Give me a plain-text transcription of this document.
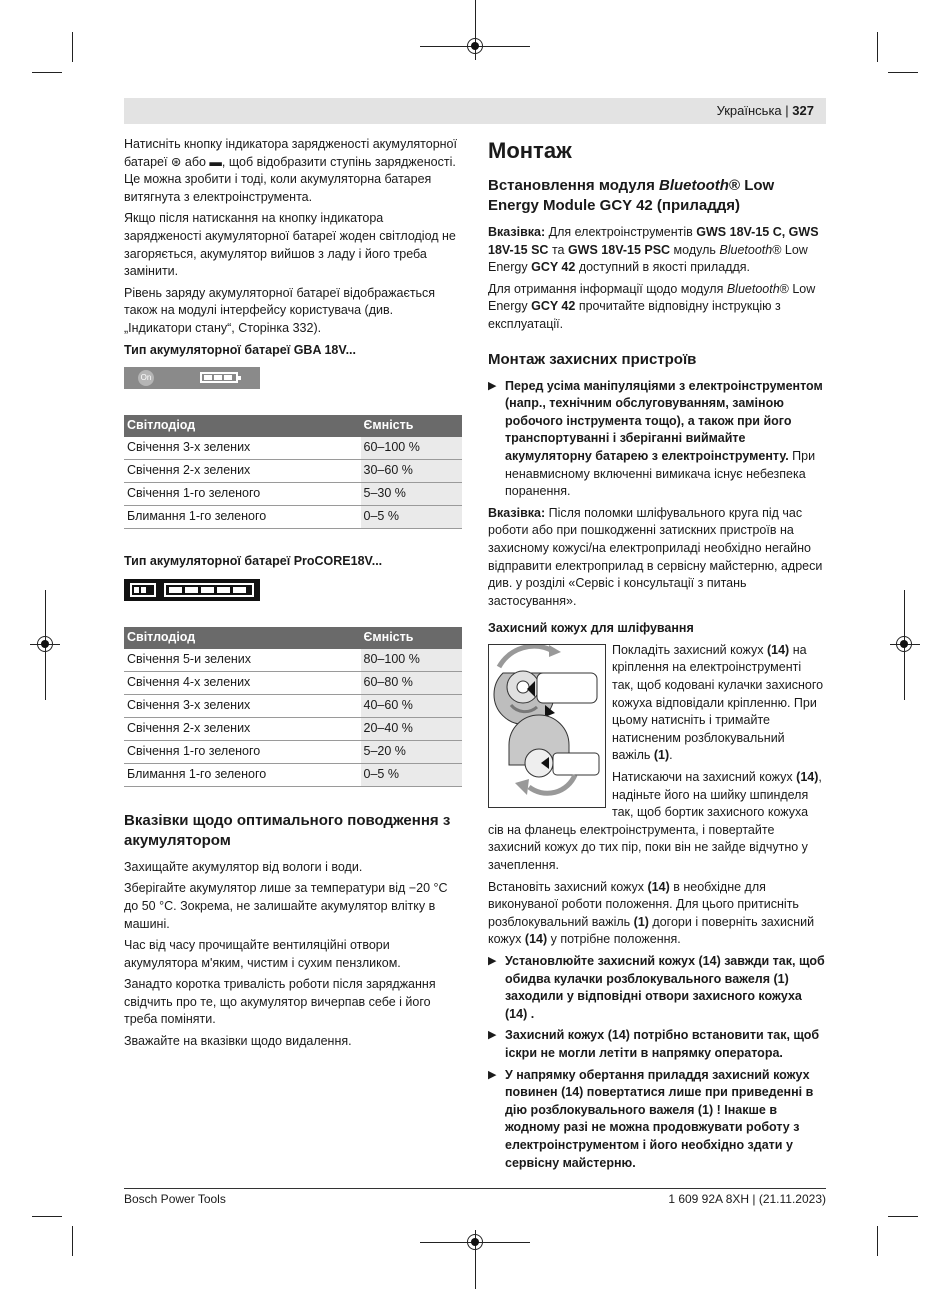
Українська | 327

Натисніть кнопку індикатора зарядженості акумуляторної батареї ⊛ або ▬, щоб відобразити ступінь зарядженості. Це можна зробити і тоді, коли акумуляторна батарея витягнута з електроінструмента.

Якщо після натискання на кнопку індикатора зарядженості акумуляторної батареї жоден світлодіод не загоряється, акумулятор вийшов з ладу і його треба замінити.

Рівень заряду акумуляторної батареї відображається також на модулі інтерфейсу користувача (див. „Індикатори стану“, Сторінка 332).

Тип акумуляторної батареї GBA 18V...
On
Світлодіод	Ємність
Свічення 3-х зелених	60–100 %
Свічення 2-х зелених	30–60 %
Свічення 1-го зеленого	5–30 %
Блимання 1-го зеленого	0–5 %
Тип акумуляторної батареї ProCORE18V...
Світлодіод	Ємність
Свічення 5-и зелених	80–100 %
Свічення 4-х зелених	60–80 %
Свічення 3-х зелених	40–60 %
Свічення 2-х зелених	20–40 %
Свічення 1-го зеленого	5–20 %
Блимання 1-го зеленого	0–5 %
Вказівки щодо оптимального поводження з акумулятором

Захищайте акумулятор від вологи і води.

Зберігайте акумулятор лише за температури від −20 °C до 50 °C. Зокрема, не залишайте акумулятор влітку в машині.

Час від часу прочищайте вентиляційні отвори акумулятора м'яким, чистим і сухим пензликом.

Занадто коротка тривалість роботи після заряджання свідчить про те, що акумулятор вичерпав себе і його треба поміняти.

Зважайте на вказівки щодо видалення.

Монтаж
Встановлення модуля Bluetooth® Low Energy Module GCY 42 (приладдя)

Вказівка: Для електроінструментів GWS 18V-15 C, GWS 18V-15 SC та GWS 18V-15 PSC модуль Bluetooth® Low Energy GCY 42 доступний в якості приладдя.

Для отримання інформації щодо модуля Bluetooth® Low Energy GCY 42 прочитайте відповідну інструкцію з експлуатації.

Монтаж захисних пристроїв
▶ Перед усіма маніпуляціями з електроінструментом (напр., технічним обслуговуванням, заміною робочого інструмента тощо), а також при його транспортуванні і зберіганні виймайте акумуляторну батарею з електроінструменту. При ненавмисному включенні вимикача існує небезпека поранення.

Вказівка: Після поломки шліфувального круга під час роботи або при пошкодженні затискних пристроїв на захисному кожусі/на електроприладі необхідно негайно відправити електроприлад в сервісну майстерню, адреси див. у розділі «Сервіс і консультації з питань застосування».

Захисний кожух для шліфування

Покладіть захисний кожух (14) на кріплення на електроінструменті так, щоб кодовані кулачки захисного кожуха відповідали кріпленню. При цьому натисніть і тримайте натисненим розблокувальний важіль (1).

Натискаючи на захисний кожух (14), надіньте його на шийку шпинделя так, щоб бортик захисного кожуха сів на фланець електроінструмента, і повертайте захисний кожух до тих пір, поки він не зайде відчутно у зачеплення.

Встановіть захисний кожух (14) в необхідне для виконуваної роботи положення. Для цього притисніть розблокувальний важіль (1) догори і поверніть захисний кожух (14) у потрібне положення.

▶ Установлюйте захисний кожух (14) завжди так, щоб обидва кулачки розблокувального важеля (1) заходили у відповідні отвори захисного кожуха (14) .
▶ Захисний кожух (14) потрібно встановити так, щоб іскри не могли летіти в напрямку оператора.
▶ У напрямку обертання приладдя захисний кожух повинен (14) повертатися лише при приведенні в дію розблокувального важеля (1) ! Інакше в жодному разі не можна продовжувати роботу з електроінструментом і його необхідно здати у сервісну майстерню.
Bosch Power Tools	1 609 92A 8XH | (21.11.2023)
